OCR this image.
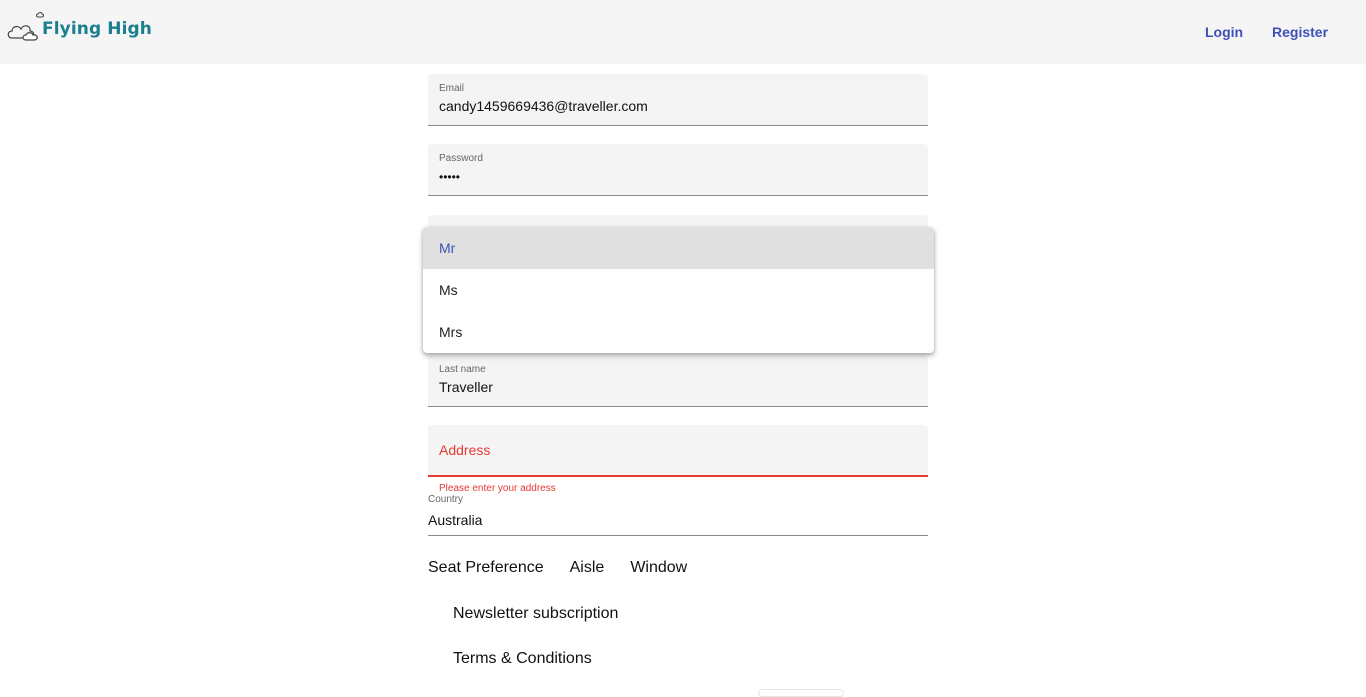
Flying High	Login Register
Email
candy1459669436@traveller.com
Password
•••••
Last name
Traveller
Address
Please enter your address
Country
Australia
Seat Preference Aisle Window
Newsletter subscription
Terms & Conditions
Mr
Ms
Mrs
